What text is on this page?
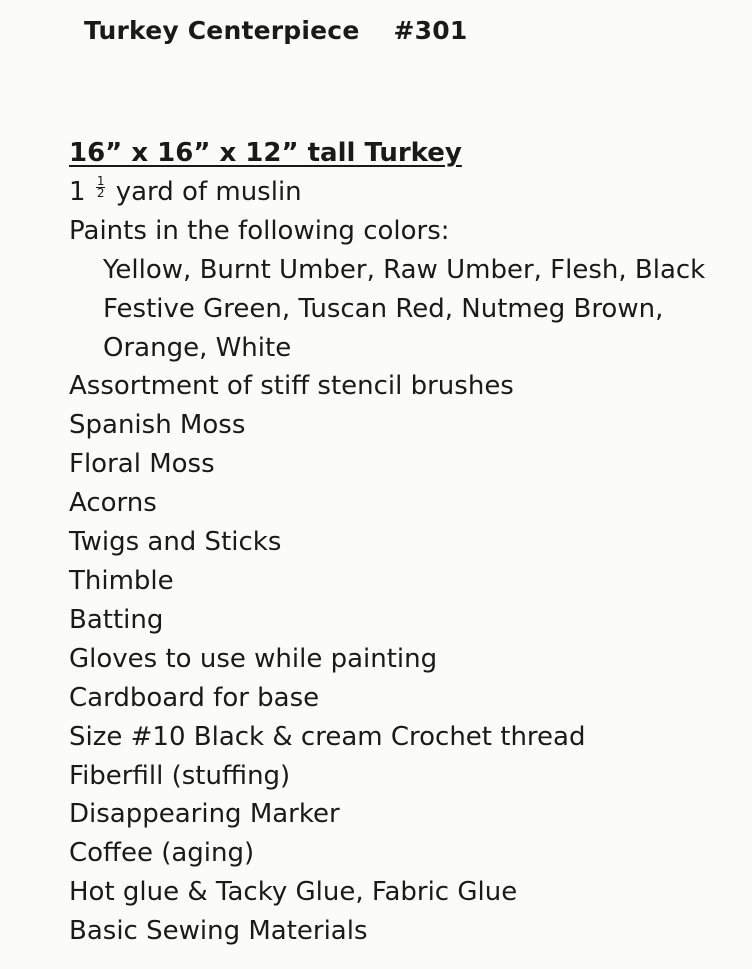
Turkey Centerpiece #301
16” x 16” x 12” tall Turkey
$1 \frac{1}{2}$ yard of muslin
Paints in the following colors:
Yellow, Burnt Umber, Raw Umber, Flesh, Black
Festive Green, Tuscan Red, Nutmeg Brown,
Orange, White
Assortment of stiff stencil brushes
Spanish Moss
Floral Moss
Acorns
Twigs and Sticks
Thimble
Batting
Gloves to use while painting
Cardboard for base
Size #10 Black & cream Crochet thread
Fiberfill (stuffing)
Disappearing Marker
Coffee (aging)
Hot glue & Tacky Glue, Fabric Glue
Basic Sewing Materials
